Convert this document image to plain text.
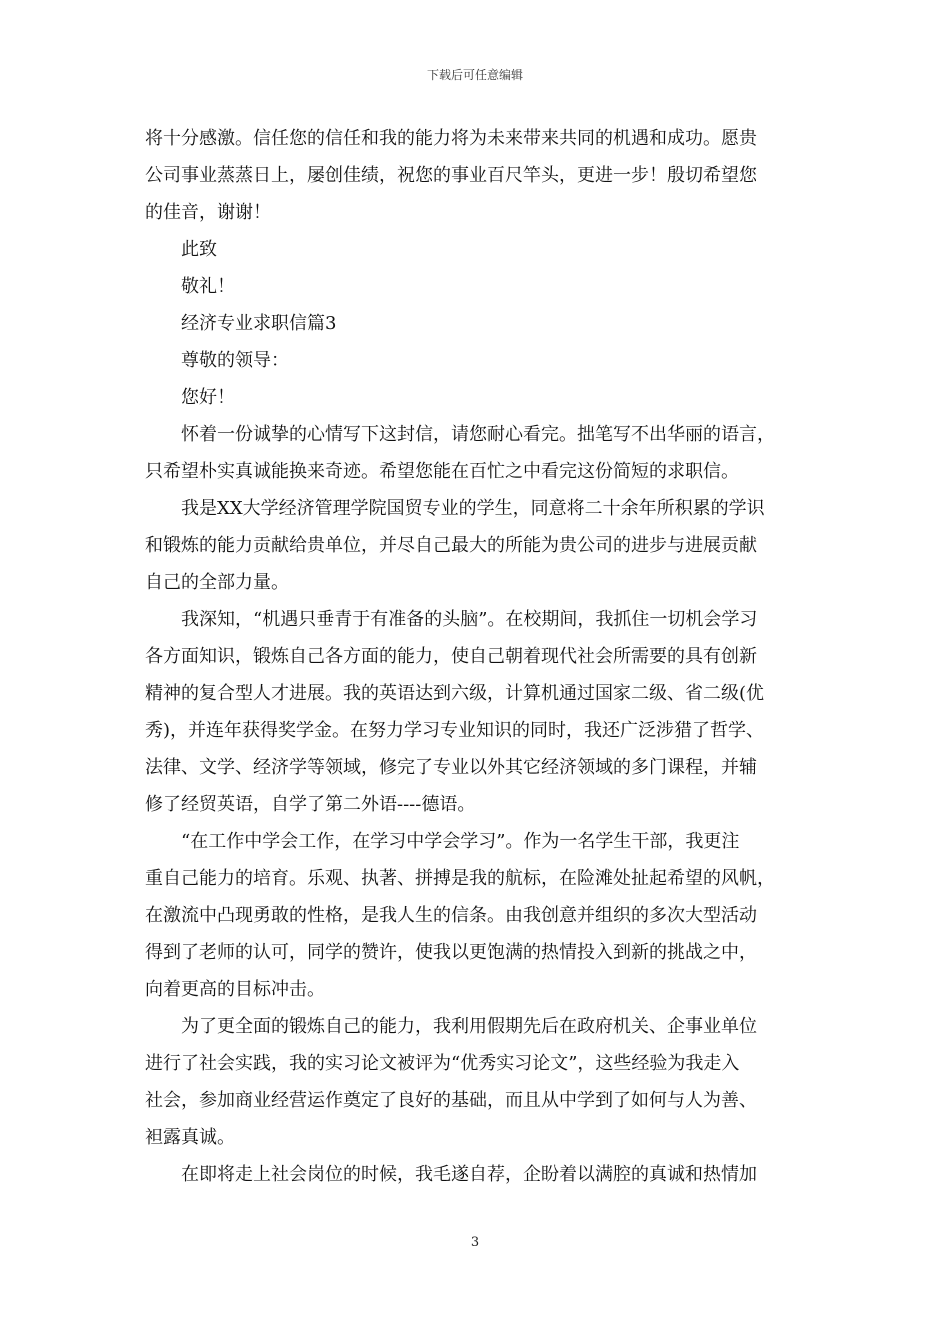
下载后可任意编辑
将十分感激。信任您的信任和我的能力将为未来带来共同的机遇和成功。愿贵
公司事业蒸蒸日上，屡创佳绩，祝您的事业百尺竿头，更进一步！殷切希望您
的佳音，谢谢！
此致
敬礼！
经济专业求职信篇3
尊敬的领导：
您好！
怀着一份诚挚的心情写下这封信，请您耐心看完。拙笔写不出华丽的语言，
只希望朴实真诚能换来奇迹。希望您能在百忙之中看完这份简短的求职信。
我是XX大学经济管理学院国贸专业的学生，同意将二十余年所积累的学识
和锻炼的能力贡献给贵单位，并尽自己最大的所能为贵公司的进步与进展贡献
自己的全部力量。
我深知，“机遇只垂青于有准备的头脑”。在校期间，我抓住一切机会学习
各方面知识，锻炼自己各方面的能力，使自己朝着现代社会所需要的具有创新
精神的复合型人才进展。我的英语达到六级，计算机通过国家二级、省二级(优
秀)，并连年获得奖学金。在努力学习专业知识的同时，我还广泛涉猎了哲学、
法律、文学、经济学等领域，修完了专业以外其它经济领域的多门课程，并辅
修了经贸英语，自学了第二外语----德语。
“在工作中学会工作，在学习中学会学习”。作为一名学生干部，我更注
重自己能力的培育。乐观、执著、拼搏是我的航标，在险滩处扯起希望的风帆，
在激流中凸现勇敢的性格，是我人生的信条。由我创意并组织的多次大型活动
得到了老师的认可，同学的赞许，使我以更饱满的热情投入到新的挑战之中，
向着更高的目标冲击。
为了更全面的锻炼自己的能力，我利用假期先后在政府机关、企事业单位
进行了社会实践，我的实习论文被评为“优秀实习论文”，这些经验为我走入
社会，参加商业经营运作奠定了良好的基础，而且从中学到了如何与人为善、
袒露真诚。
在即将走上社会岗位的时候，我毛遂自荐，企盼着以满腔的真诚和热情加
3
